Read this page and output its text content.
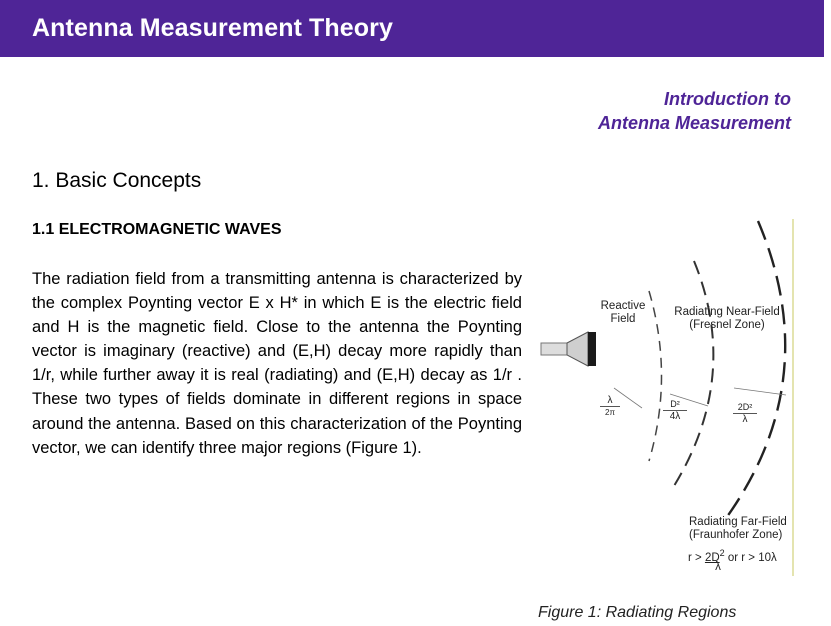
Antenna Measurement Theory
Introduction to
Antenna Measurement
1. Basic Concepts
1.1 ELECTROMAGNETIC WAVES
The radiation field from a transmitting antenna is characterized by the complex Poynting vector E x H* in which E is the electric field and H is the magnetic field. Close to the antenna the Poynting vector is imaginary (reactive) and (E,H) decay more rapidly than 1/r, while further away it is real (radiating) and (E,H) decay as 1/r . These two types of fields dominate in different regions in space around the antenna. Based on this characterization of the Poynting vector, we can identify three major regions (Figure 1).
Reactive
Field
Radiating Near-Field
(Fresnel Zone)
λ
2π	$\frac{\text{D²}}{4\lambda}$	$\frac{\text{2D²}}{\lambda}$
Radiating Far-Field
(Fraunhofer Zone)
$r > 2D^2$ or r > 10λ
λ
Figure 1: Radiating Regions
